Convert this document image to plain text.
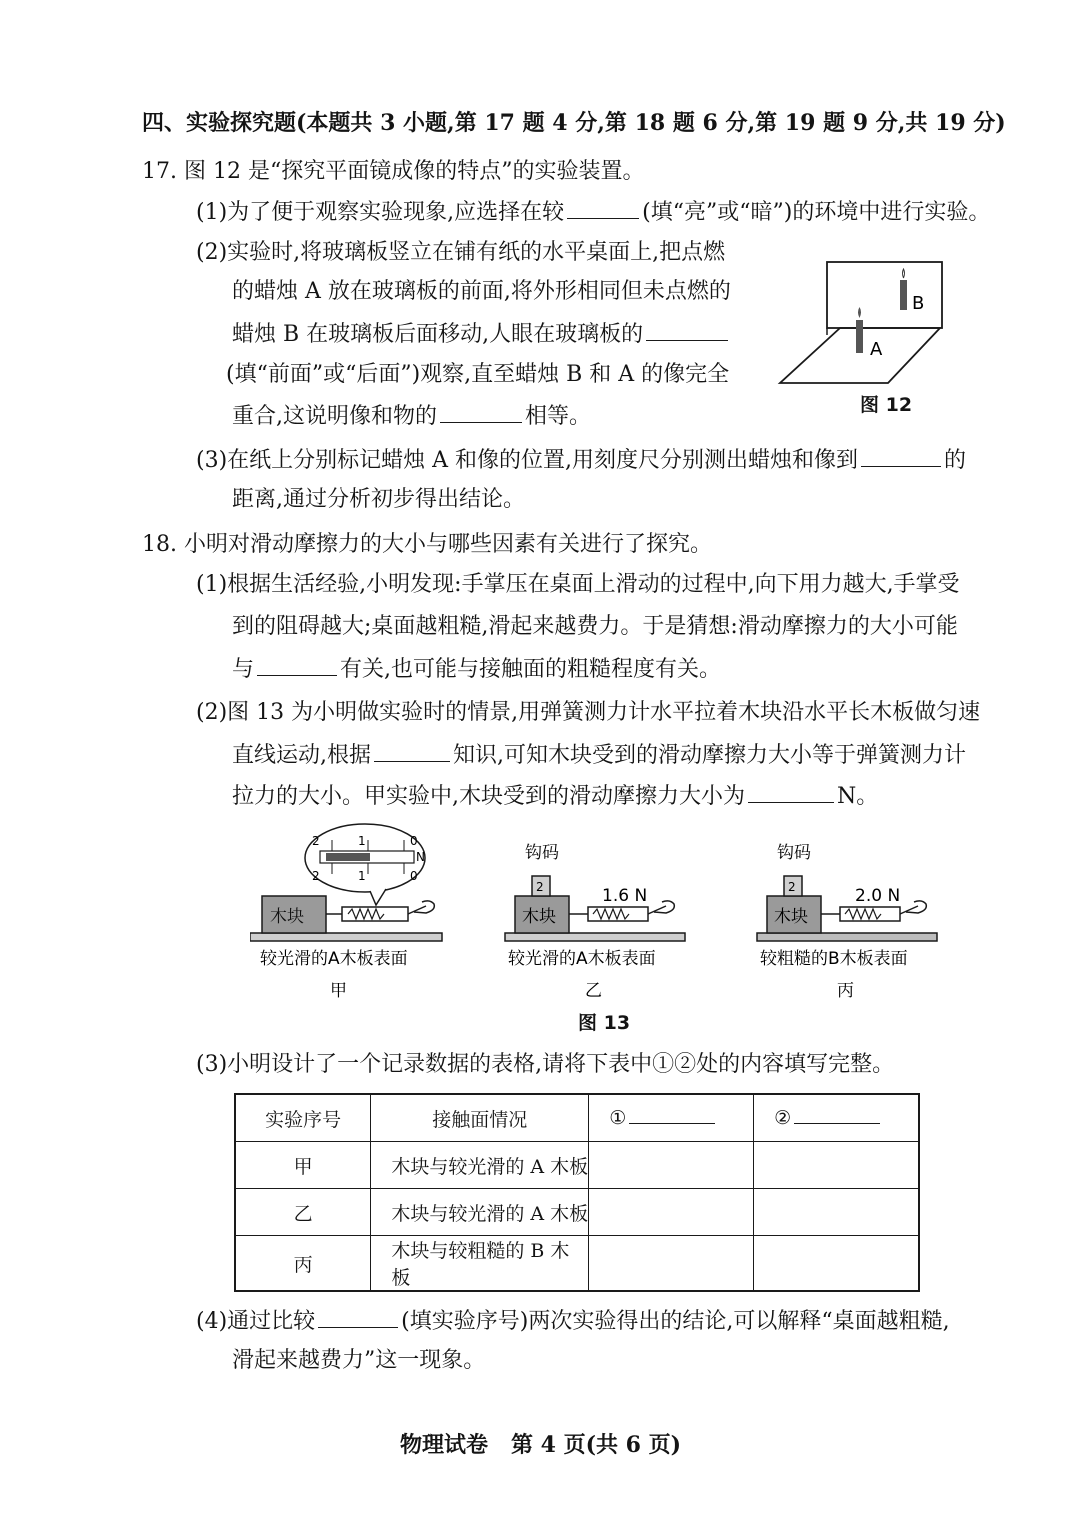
四、实验探究题(本题共 3 小题,第 17 题 4 分,第 18 题 6 分,第 19 题 9 分,共 19 分)
17. 图 12 是“探究平面镜成像的特点”的实验装置。
(1)为了便于观察实验现象,应选择在较	(填“亮”或“暗”)的环境中进行实验。
(2)实验时,将玻璃板竖立在铺有纸的水平桌面上,把点燃
的蜡烛 A 放在玻璃板的前面,将外形相同但未点燃的
蜡烛 B 在玻璃板后面移动,人眼在玻璃板的
(填“前面”或“后面”)观察,直至蜡烛 B 和 A 的像完全
重合,这说明像和物的	相等。
B
A
图 12
(3)在纸上分别标记蜡烛 A 和像的位置,用刻度尺分别测出蜡烛和像到	的
距离,通过分析初步得出结论。
18. 小明对滑动摩擦力的大小与哪些因素有关进行了探究。
(1)根据生活经验,小明发现:手掌压在桌面上滑动的过程中,向下用力越大,手掌受
到的阻碍越大;桌面越粗糙,滑起来越费力。于是猜想:滑动摩擦力的大小可能
与	有关,也可能与接触面的粗糙程度有关。
(2)图 13 为小明做实验时的情景,用弹簧测力计水平拉着木块沿水平长木板做匀速
直线运动,根据	知识,可知木块受到的滑动摩擦力大小等于弹簧测力计
拉力的大小。甲实验中,木块受到的滑动摩擦力大小为	N。
木块
2	1	0
2	1	0
N
较光滑的A木板表面
甲
木块
2
钩码
1.6 N
较光滑的A木板表面
乙
木块
2
钩码
2.0 N
较粗糙的B木板表面
丙
图 13
(3)小明设计了一个记录数据的表格,请将下表中①②处的内容填写完整。
实验序号	接触面情况	①	②
甲	木块与较光滑的 A 木板		
乙	木块与较光滑的 A 木板		
丙	木块与较粗糙的 B 木板		
(4)通过比较	(填实验序号)两次实验得出的结论,可以解释“桌面越粗糙,
滑起来越费力”这一现象。
物理试卷   第 4 页(共 6 页)
